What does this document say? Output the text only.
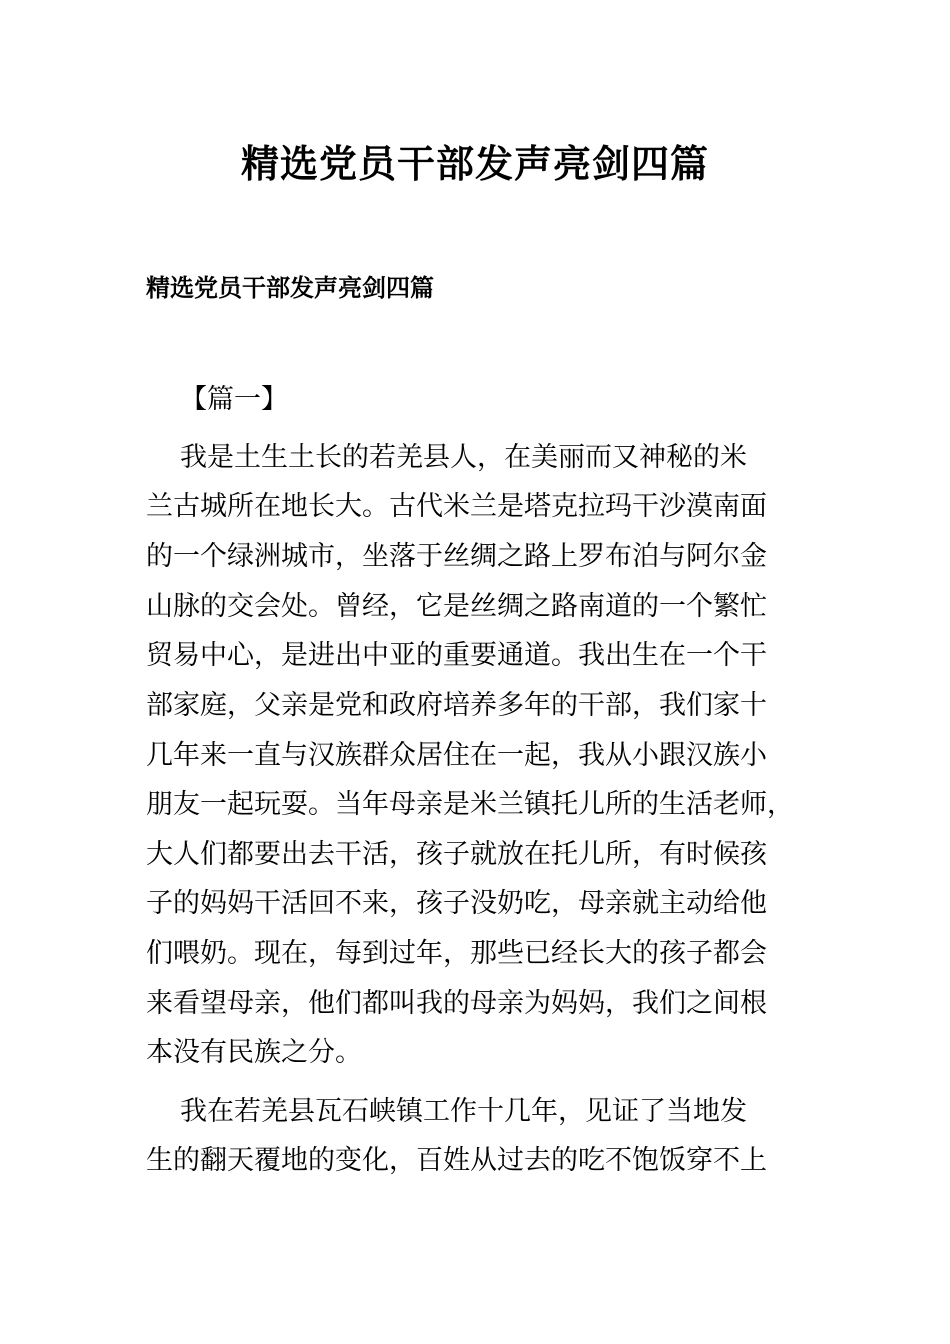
精选党员干部发声亮剑四篇
精选党员干部发声亮剑四篇
【篇一】
我是土生土长的若羌县人，在美丽而又神秘的米
兰古城所在地长大。古代米兰是塔克拉玛干沙漠南面
的一个绿洲城市，坐落于丝绸之路上罗布泊与阿尔金
山脉的交会处。曾经，它是丝绸之路南道的一个繁忙
贸易中心，是进出中亚的重要通道。我出生在一个干
部家庭，父亲是党和政府培养多年的干部，我们家十
几年来一直与汉族群众居住在一起，我从小跟汉族小
朋友一起玩耍。当年母亲是米兰镇托儿所的生活老师，
大人们都要出去干活，孩子就放在托儿所，有时候孩
子的妈妈干活回不来，孩子没奶吃，母亲就主动给他
们喂奶。现在，每到过年，那些已经长大的孩子都会
来看望母亲，他们都叫我的母亲为妈妈，我们之间根
本没有民族之分。
我在若羌县瓦石峡镇工作十几年，见证了当地发
生的翻天覆地的变化，百姓从过去的吃不饱饭穿不上
